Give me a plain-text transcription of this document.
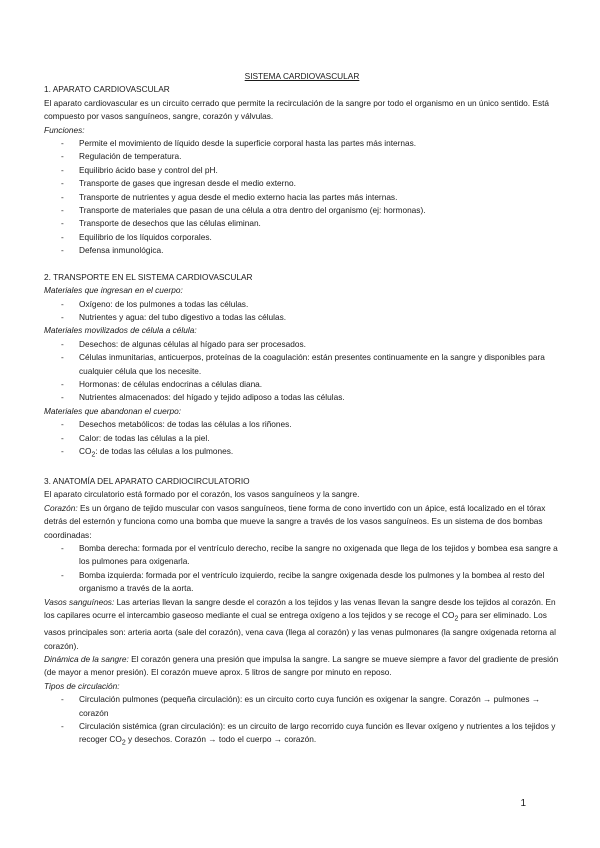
SISTEMA CARDIOVASCULAR
1. APARATO CARDIOVASCULAR
El aparato cardiovascular es un circuito cerrado que permite la recirculación de la sangre por todo el organismo en un único sentido. Está compuesto por vasos sanguíneos, sangre, corazón y válvulas.
Funciones:
- Permite el movimiento de líquido desde la superficie corporal hasta las partes más internas.
- Regulación de temperatura.
- Equilibrio ácido base y control del pH.
- Transporte de gases que ingresan desde el medio externo.
- Transporte de nutrientes y agua desde el medio externo hacia las partes más internas.
- Transporte de materiales que pasan de una célula a otra dentro del organismo (ej: hormonas).
- Transporte de desechos que las células eliminan.
- Equilibrio de los líquidos corporales.
- Defensa inmunológica.
2. TRANSPORTE EN EL SISTEMA CARDIOVASCULAR
Materiales que ingresan en el cuerpo:
- Oxígeno: de los pulmones a todas las células.
- Nutrientes y agua: del tubo digestivo a todas las células.
Materiales movilizados de célula a célula:
- Desechos: de algunas células al hígado para ser procesados.
- Células inmunitarias, anticuerpos, proteínas de la coagulación: están presentes continuamente en la sangre y disponibles para cualquier célula que los necesite.
- Hormonas: de células endocrinas a células diana.
- Nutrientes almacenados: del hígado y tejido adiposo a todas las células.
Materiales que abandonan el cuerpo:
- Desechos metabólicos: de todas las células a los riñones.
- Calor: de todas las células a la piel.
- $CO_2$: de todas las células a los pulmones.
3. ANATOMÍA DEL APARATO CARDIOCIRCULATORIO
El aparato circulatorio está formado por el corazón, los vasos sanguíneos y la sangre.
Corazón: Es un órgano de tejido muscular con vasos sanguíneos, tiene forma de cono invertido con un ápice, está localizado en el tórax detrás del esternón y funciona como una bomba que mueve la sangre a través de los vasos sanguíneos. Es un sistema de dos bombas coordinadas:
- Bomba derecha: formada por el ventrículo derecho, recibe la sangre no oxigenada que llega de los tejidos y bombea esa sangre a los pulmones para oxigenarla.
- Bomba izquierda: formada por el ventrículo izquierdo, recibe la sangre oxigenada desde los pulmones y la bombea al resto del organismo a través de la aorta.
Vasos sanguíneos: Las arterias llevan la sangre desde el corazón a los tejidos y las venas llevan la sangre desde los tejidos al corazón. En los capilares ocurre el intercambio gaseoso mediante el cual se entrega oxígeno a los tejidos y se recoge el $CO_2$ para ser eliminado. Los vasos principales son: arteria aorta (sale del corazón), vena cava (llega al corazón) y las venas pulmonares (la sangre oxigenada retorna al corazón).
Dinámica de la sangre: El corazón genera una presión que impulsa la sangre. La sangre se mueve siempre a favor del gradiente de presión (de mayor a menor presión). El corazón mueve aprox. 5 litros de sangre por minuto en reposo.
Tipos de circulación:
- Circulación pulmones (pequeña circulación): es un circuito corto cuya función es oxigenar la sangre. Corazón → pulmones → corazón
- Circulación sistémica (gran circulación): es un circuito de largo recorrido cuya función es llevar oxígeno y nutrientes a los tejidos y recoger $CO_2$ y desechos. Corazón → todo el cuerpo → corazón.
1
